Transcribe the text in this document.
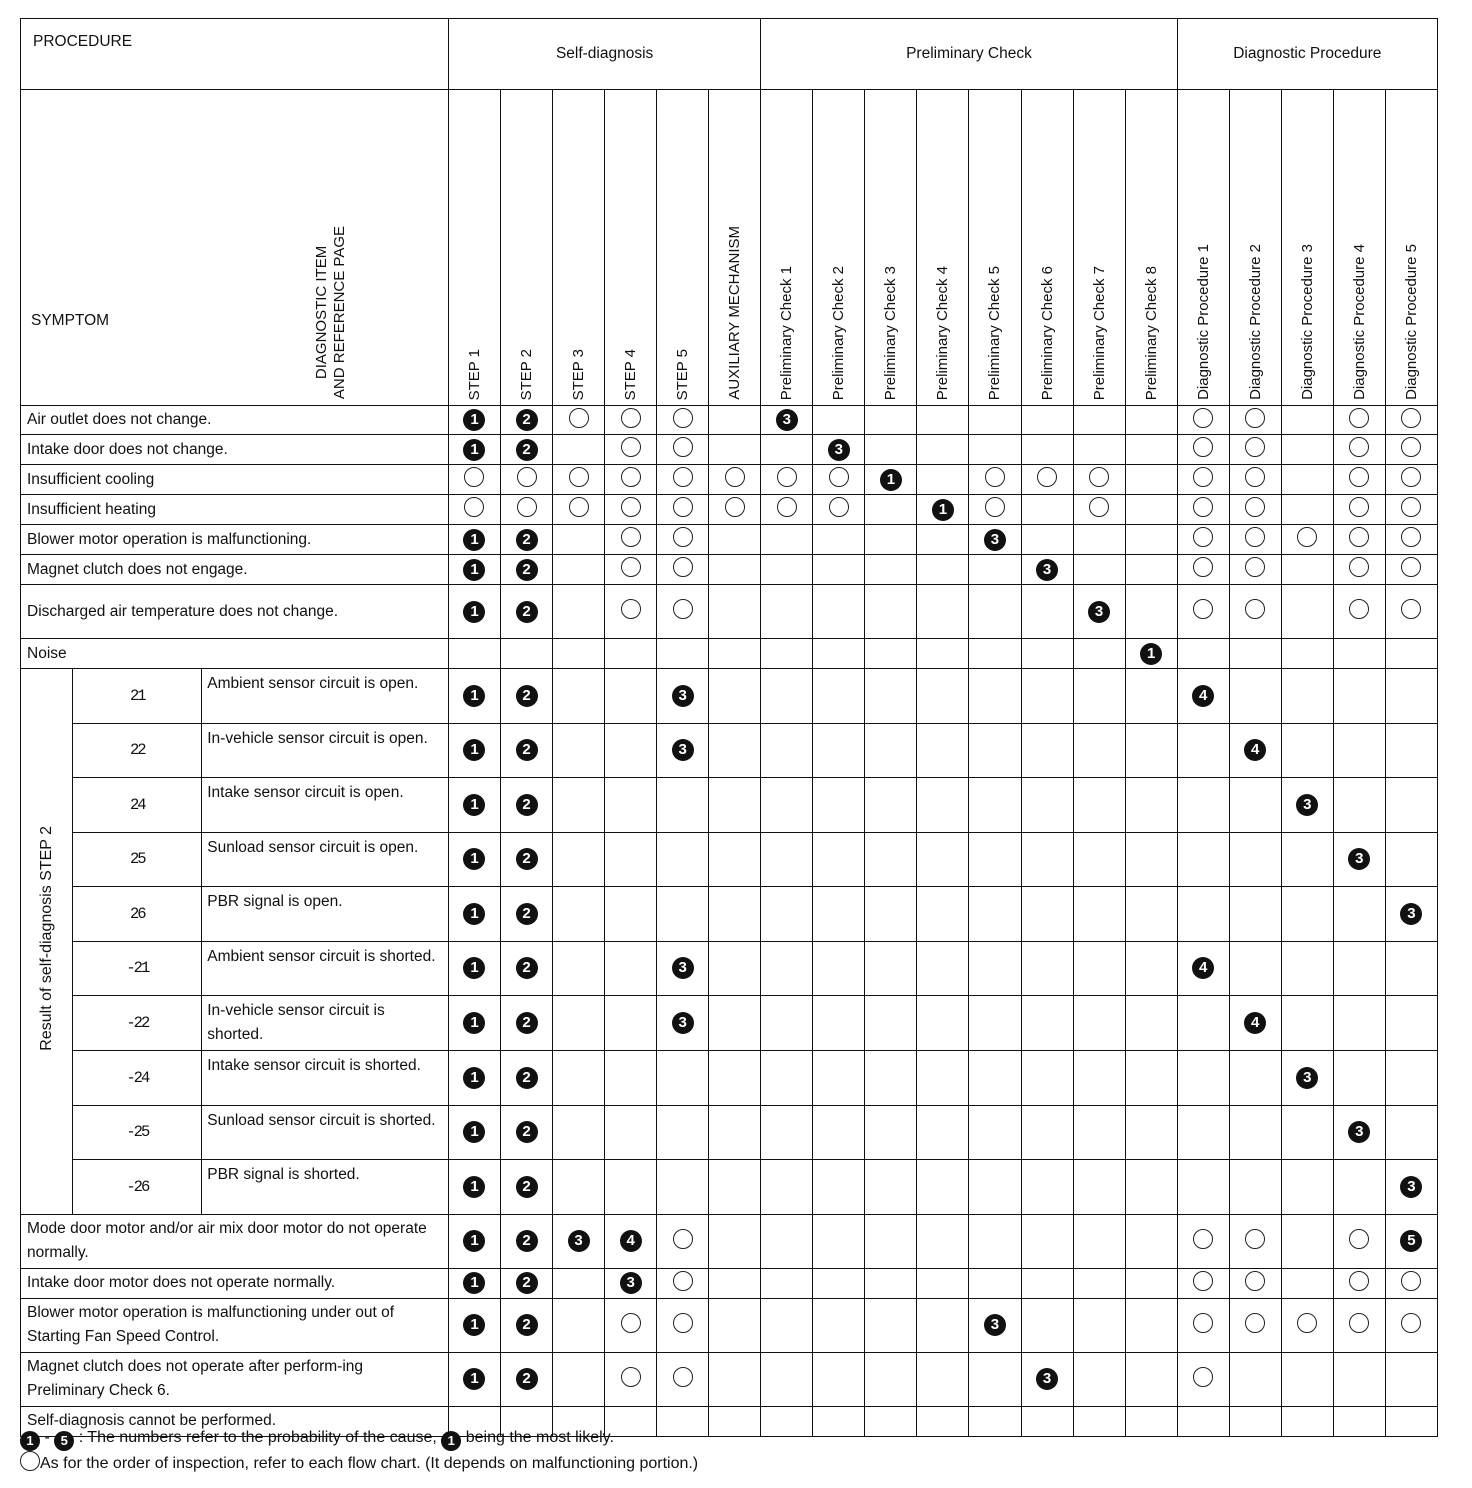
PROCEDURE			Self-diagnosis						Preliminary Check								Diagnostic Procedure				

SYMPTOM DIAGNOSTIC ITEM AND REFERENCE PAGE			STEP 1	STEP 2	STEP 3	STEP 4	STEP 5	AUXILIARY MECHANISM	Preliminary Check 1	Preliminary Check 2	Preliminary Check 3	Preliminary Check 4	Preliminary Check 5	Preliminary Check 6	Preliminary Check 7	Preliminary Check 8	Diagnostic Procedure 1	Diagnostic Procedure 2	Diagnostic Procedure 3	Diagnostic Procedure 4	Diagnostic Procedure 5
Air outlet does not change.			1	2					3												
Intake door does not change.			1	2						3											
Insufficient cooling											1										
Insufficient heating												1									
Blower motor operation is malfunctioning.			1	2									3								
Magnet clutch does not engage.			1	2										3							
Discharged air temperature does not change.			1	2											3						
Noise																1					
Result of self-diagnosis STEP 2	21	Ambient sensor circuit is open.	1	2			3										4				
	22	In-vehicle sensor circuit is open.	1	2			3											4			
	24	Intake sensor circuit is open.	1	2															3		
	25	Sunload sensor circuit is open.	1	2																3	
	26	PBR signal is open.	1	2																	3
	-21	Ambient sensor circuit is shorted.	1	2			3										4				
	-22	In-vehicle sensor circuit is shorted.	1	2			3											4			
	-24	Intake sensor circuit is shorted.	1	2															3		
	-25	Sunload sensor circuit is shorted.	1	2																3	
	-26	PBR signal is shorted.	1	2																	3
Mode door motor and/or air mix door motor do not operate normally.			1	2	3	4															5
Intake door motor does not operate normally.			1	2		3															
Blower motor operation is malfunctioning under out of Starting Fan Speed Control.			1	2									3								
Magnet clutch does not operate after perform-ing Preliminary Check 6.			1	2										3							
Self-diagnosis cannot be performed.																					
1 - 5 : The numbers refer to the probability of the cause, 1 being the most likely.
As for the order of inspection, refer to each flow chart. (It depends on malfunctioning portion.)
